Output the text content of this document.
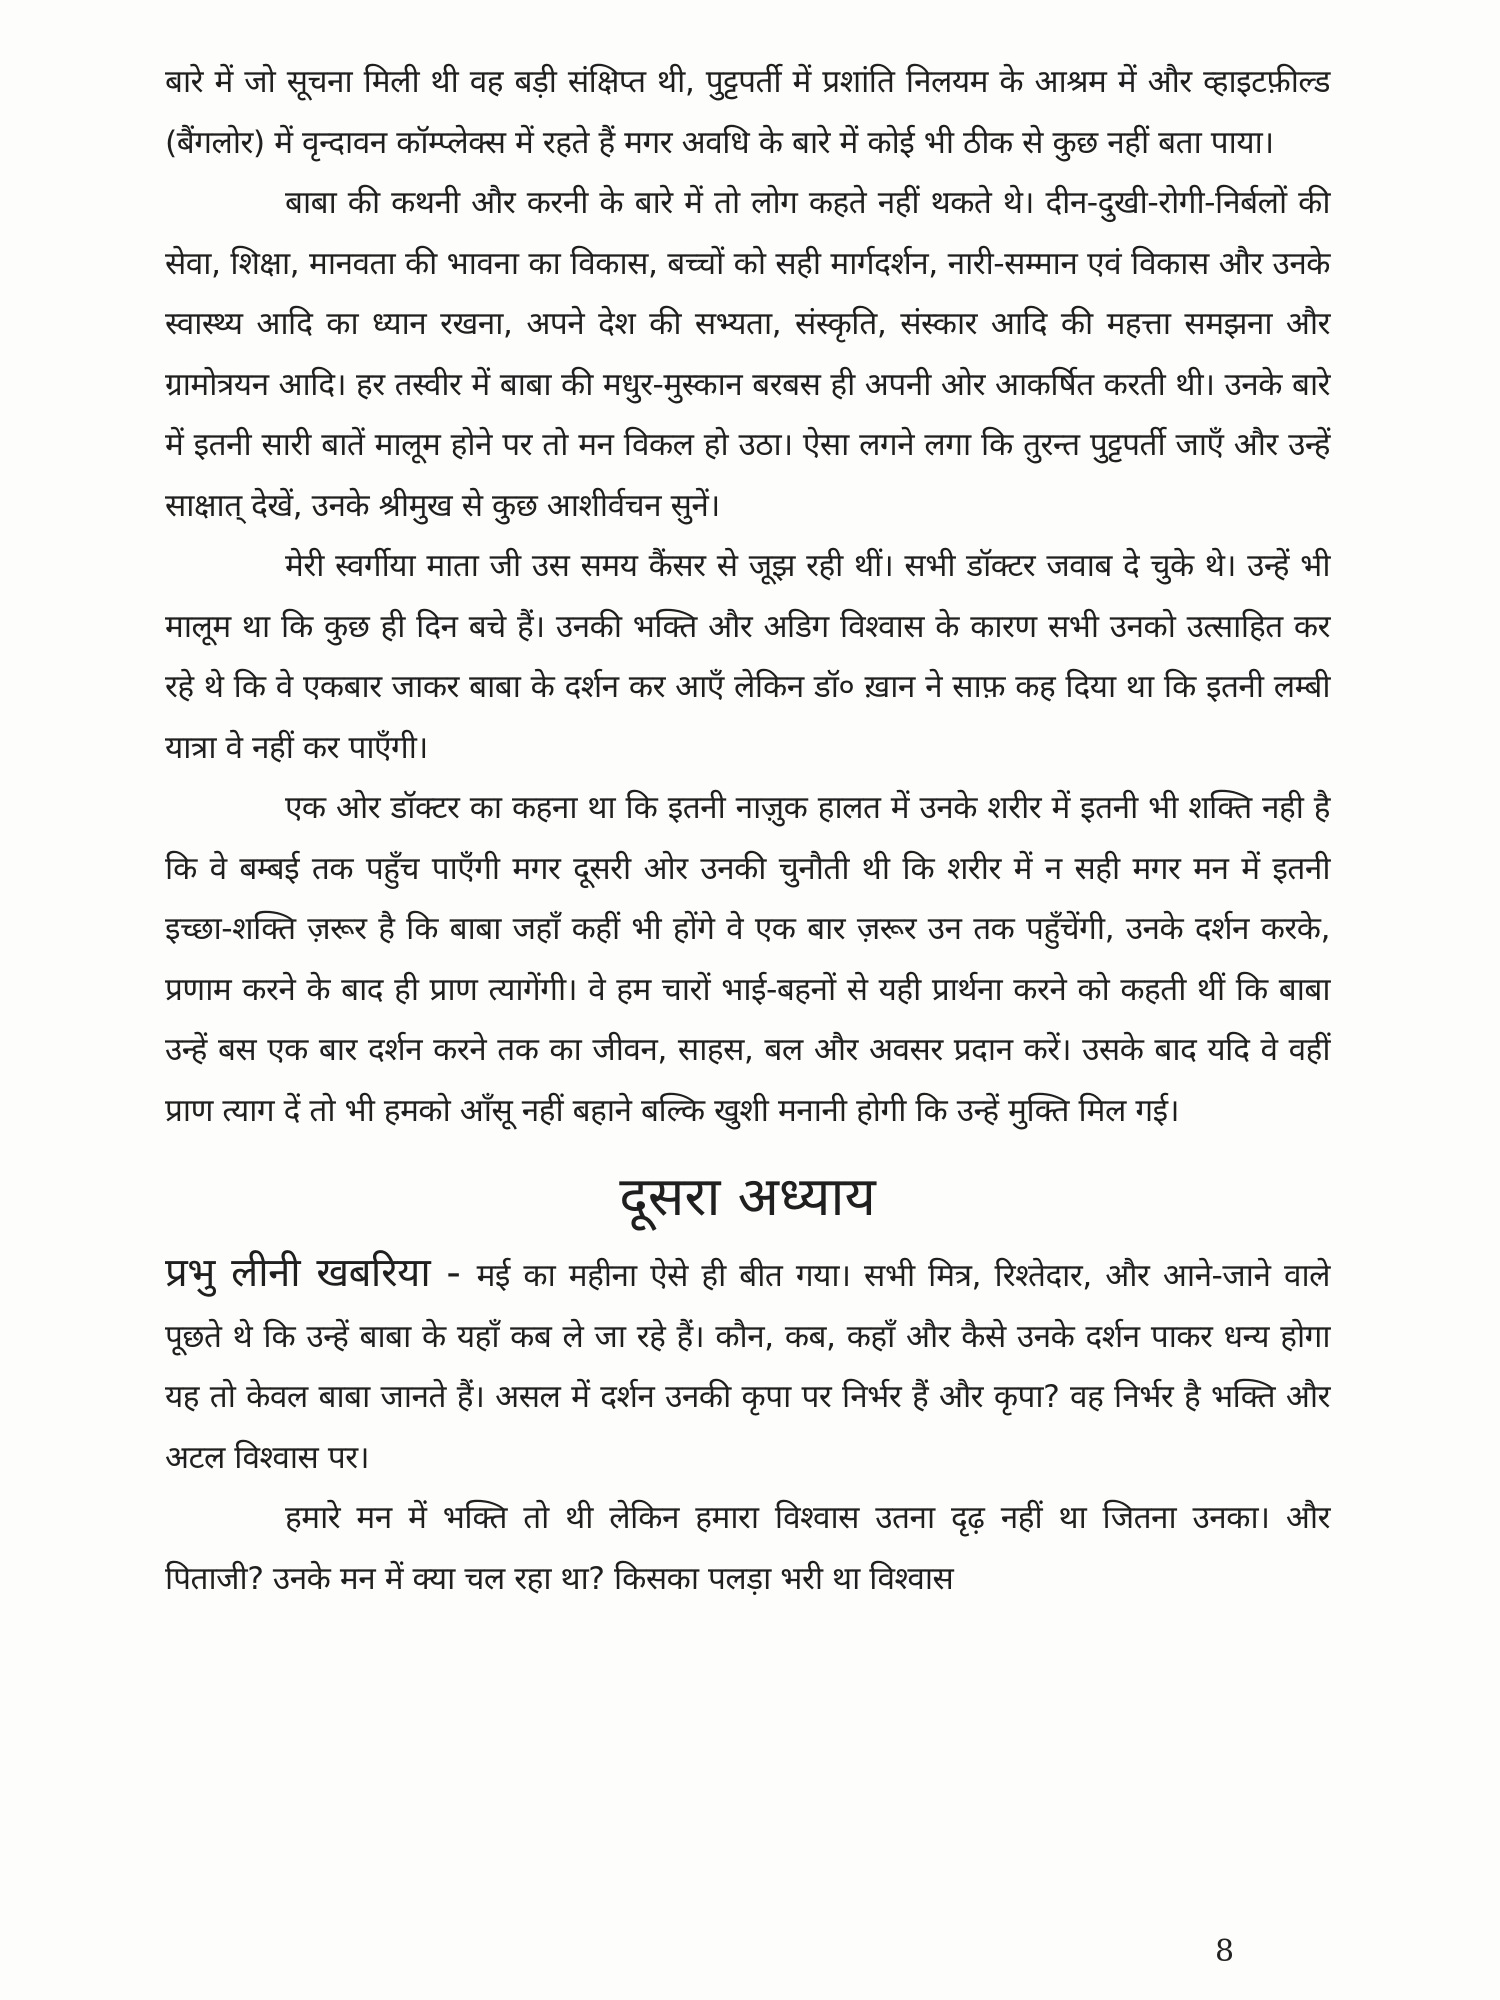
बारे में जो सूचना मिली थी वह बड़ी संक्षिप्त थी, पुट्टपर्ती में प्रशांति निलयम के आश्रम में और व्हाइटफ़ील्ड (बैंगलोर) में वृन्दावन कॉम्प्लेक्स में रहते हैं मगर अवधि के बारे में कोई भी ठीक से कुछ नहीं बता पाया।

बाबा की कथनी और करनी के बारे में तो लोग कहते नहीं थकते थे। दीन-दुखी-रोगी-निर्बलों की सेवा, शिक्षा, मानवता की भावना का विकास, बच्चों को सही मार्गदर्शन, नारी-सम्मान एवं विकास और उनके स्वास्थ्य आदि का ध्यान रखना, अपने देश की सभ्यता, संस्कृति, संस्कार आदि की महत्ता समझना और ग्रामोत्रयन आदि। हर तस्वीर में बाबा की मधुर-मुस्कान बरबस ही अपनी ओर आकर्षित करती थी। उनके बारे में इतनी सारी बातें मालूम होने पर तो मन विकल हो उठा। ऐसा लगने लगा कि तुरन्त पुट्टपर्ती जाएँ और उन्हें साक्षात् देखें, उनके श्रीमुख से कुछ आशीर्वचन सुनें।

मेरी स्वर्गीया माता जी उस समय कैंसर से जूझ रही थीं। सभी डॉक्टर जवाब दे चुके थे। उन्हें भी मालूम था कि कुछ ही दिन बचे हैं। उनकी भक्ति और अडिग विश्वास के कारण सभी उनको उत्साहित कर रहे थे कि वे एकबार जाकर बाबा के दर्शन कर आएँ लेकिन डॉ० ख़ान ने साफ़ कह दिया था कि इतनी लम्बी यात्रा वे नहीं कर पाएँगी।

एक ओर डॉक्टर का कहना था कि इतनी नाज़ुक हालत में उनके शरीर में इतनी भी शक्ति नही है कि वे बम्बई तक पहुँच पाएँगी मगर दूसरी ओर उनकी चुनौती थी कि शरीर में न सही मगर मन में इतनी इच्छा-शक्ति ज़रूर है कि बाबा जहाँ कहीं भी होंगे वे एक बार ज़रूर उन तक पहुँचेंगी, उनके दर्शन करके, प्रणाम करने के बाद ही प्राण त्यागेंगी। वे हम चारों भाई-बहनों से यही प्रार्थना करने को कहती थीं कि बाबा उन्हें बस एक बार दर्शन करने तक का जीवन, साहस, बल और अवसर प्रदान करें। उसके बाद यदि वे वहीं प्राण त्याग दें तो भी हमको आँसू नहीं बहाने बल्कि खुशी मनानी होगी कि उन्हें मुक्ति मिल गई।

दूसरा अध्याय

प्रभु लीनी खबरिया - मई का महीना ऐसे ही बीत गया। सभी मित्र, रिश्तेदार, और आने-जाने वाले पूछते थे कि उन्हें बाबा के यहाँ कब ले जा रहे हैं। कौन, कब, कहाँ और कैसे उनके दर्शन पाकर धन्य होगा यह तो केवल बाबा जानते हैं। असल में दर्शन उनकी कृपा पर निर्भर हैं और कृपा? वह निर्भर है भक्ति और अटल विश्वास पर।

हमारे मन में भक्ति तो थी लेकिन हमारा विश्वास उतना दृढ़ नहीं था जितना उनका। और पिताजी? उनके मन में क्या चल रहा था? किसका पलड़ा भरी था विश्वास

8
